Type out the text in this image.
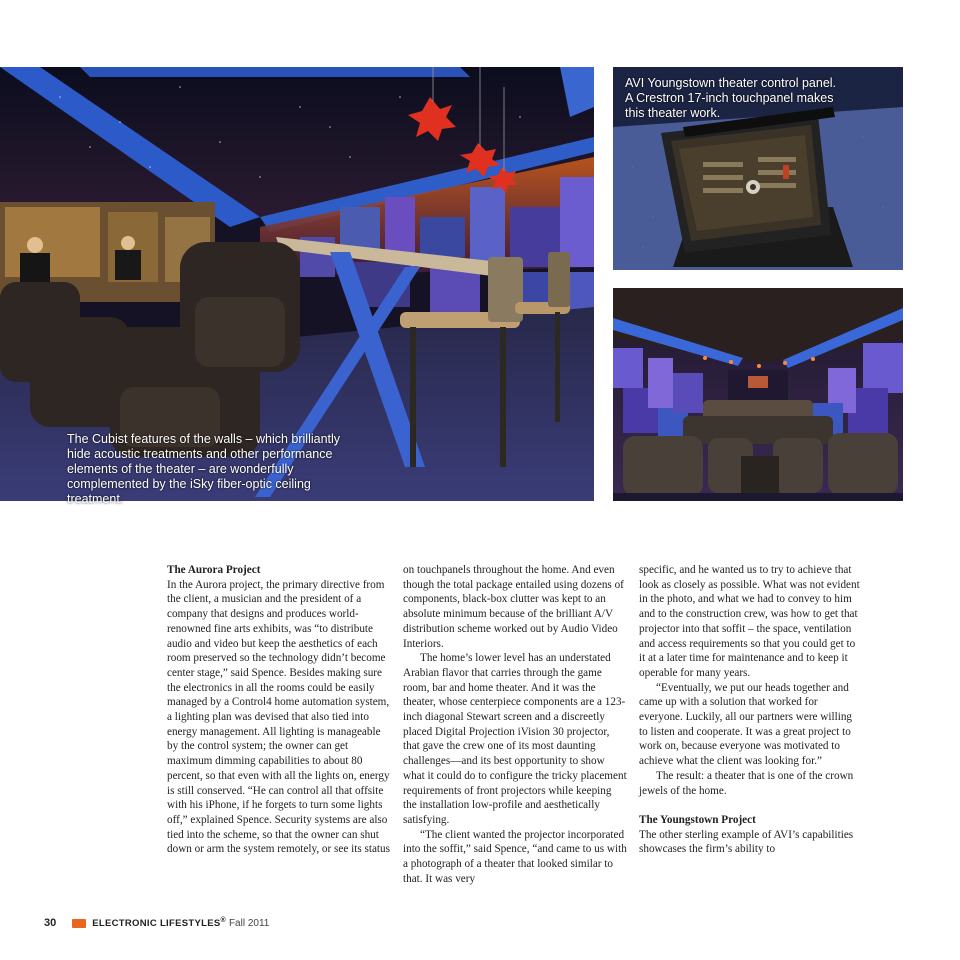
The Cubist features of the walls – which brilliantly hide acoustic treatments and other performance elements of the theater – are wonderfully complemented by the iSky fiber-optic ceiling treatment.
AVI Youngstown theater control panel. A Crestron 17-inch touchpanel makes this theater work.

The Aurora Project

In the Aurora project, the primary directive from the client, a musician and the president of a company that designs and produces world-renowned fine arts exhibits, was “to distribute audio and video but keep the aesthetics of each room preserved so the technology didn’t become center stage,” said Spence. Besides making sure the electronics in all the rooms could be easily managed by a Control4 home automation system, a lighting plan was devised that also tied into energy management. All lighting is manageable by the control system; the owner can get maximum dimming capabilities to about 80 percent, so that even with all the lights on, energy is still conserved. “He can control all that offsite with his iPhone, if he forgets to turn some lights off,” explained Spence. Security systems are also tied into the scheme, so that the owner can shut down or arm the system remotely, or see its status

on touchpanels throughout the home. And even though the total package entailed using dozens of components, black-box clutter was kept to an absolute minimum because of the brilliant A/V distribution scheme worked out by Audio Video Interiors.

The home’s lower level has an understated Arabian flavor that carries through the game room, bar and home theater. And it was the theater, whose centerpiece components are a 123-inch diagonal Stewart screen and a discreetly placed Digital Projection iVision 30 projector, that gave the crew one of its most daunting challenges—and its best opportunity to show what it could do to configure the tricky placement requirements of front projectors while keeping the installation low-profile and aesthetically satisfying.

“The client wanted the projector incorporated into the soffit,” said Spence, “and came to us with a photograph of a theater that looked similar to that. It was very

specific, and he wanted us to try to achieve that look as closely as possible. What was not evident in the photo, and what we had to convey to him and to the construction crew, was how to get that projector into that soffit – the space, ventilation and access requirements so that you could get to it at a later time for maintenance and to keep it operable for many years.

“Eventually, we put our heads together and came up with a solution that worked for everyone. Luckily, all our partners were willing to listen and cooperate. It was a great project to work on, because everyone was motivated to achieve what the client was looking for.”

The result: a theater that is one of the crown jewels of the home.

The Youngstown Project

The other sterling example of AVI’s capabilities showcases the firm’s ability to

30	ELECTRONIC LIFESTYLES® Fall 2011
